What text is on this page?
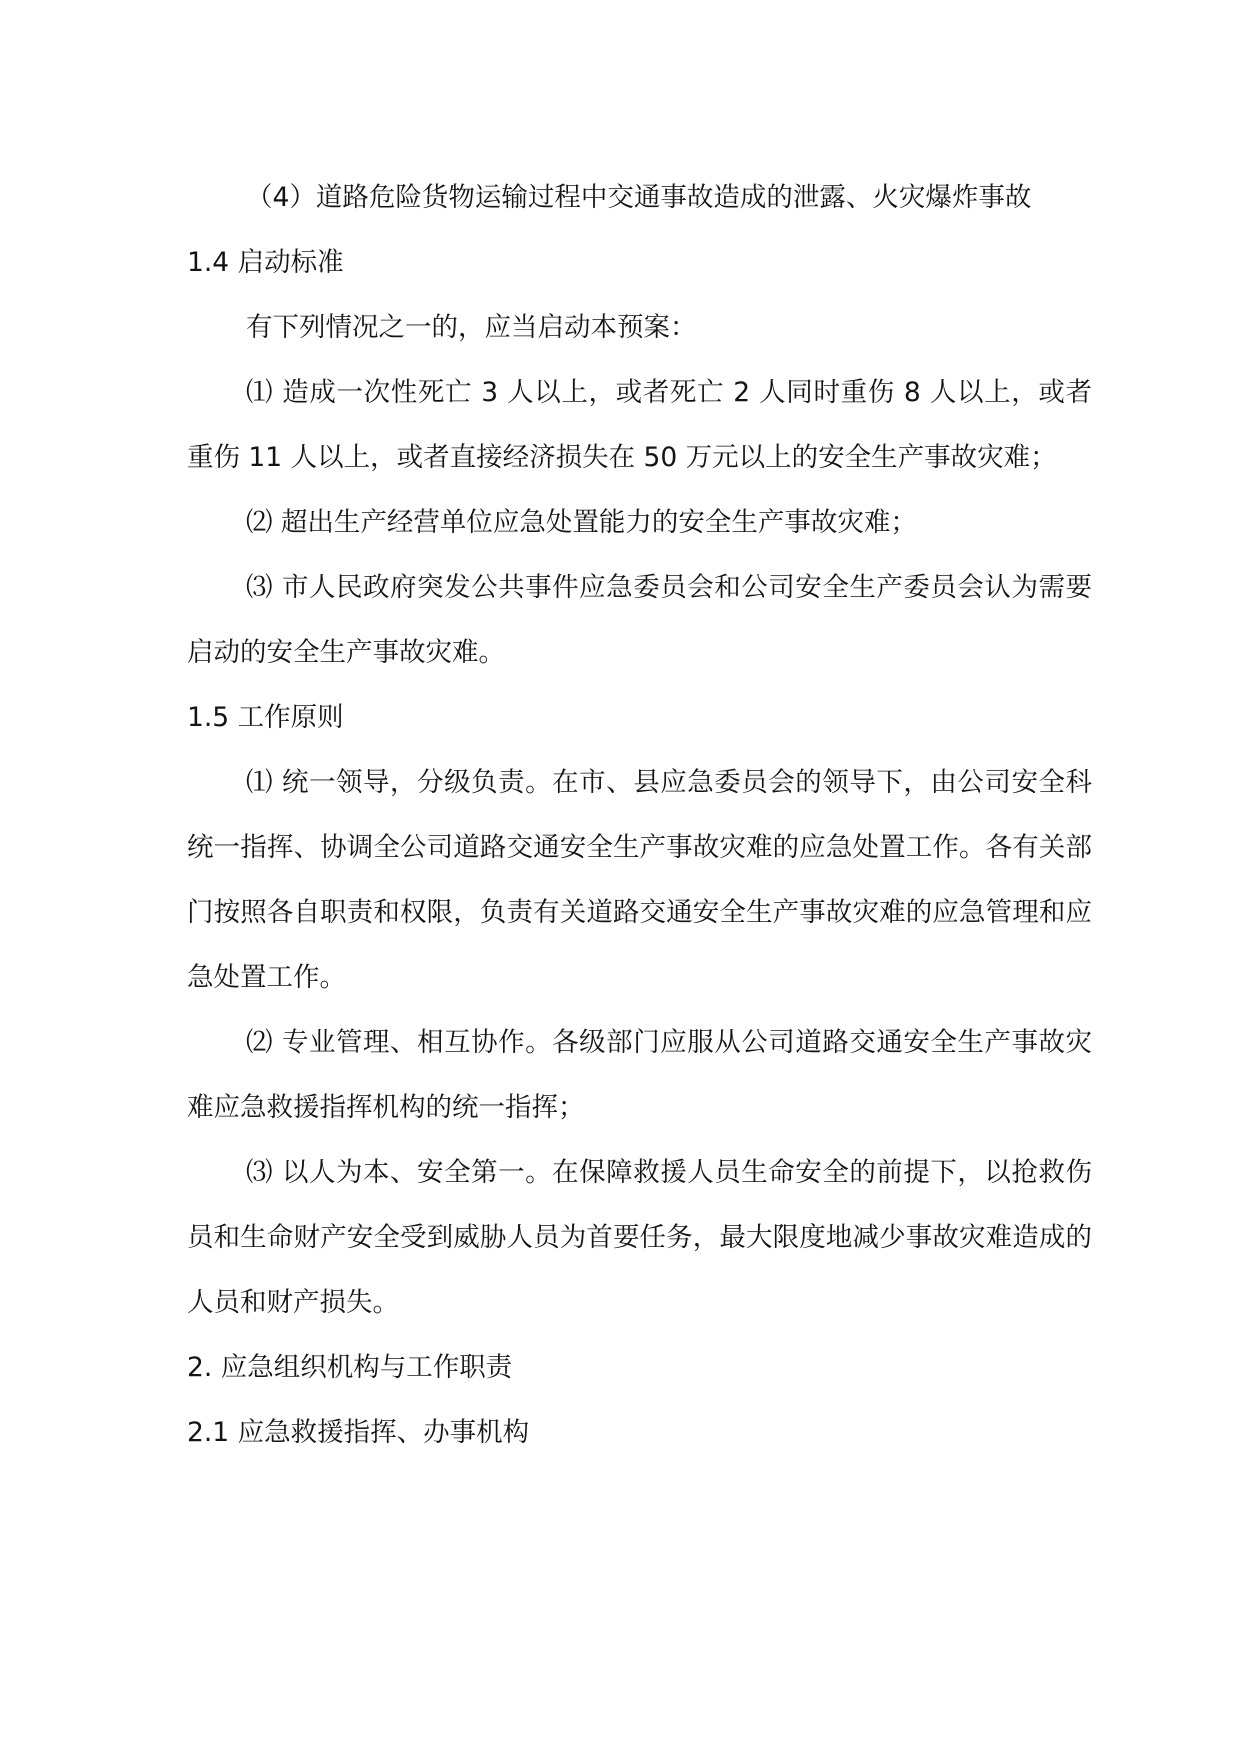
（4）道路危险货物运输过程中交通事故造成的泄露、火灾爆炸事故

1.4 启动标准

有下列情况之一的，应当启动本预案：

⑴ 造成一次性死亡 3 人以上，或者死亡 2 人同时重伤 8 人以上，或者重伤 11 人以上，或者直接经济损失在 50 万元以上的安全生产事故灾难；

⑵ 超出生产经营单位应急处置能力的安全生产事故灾难；

⑶ 市人民政府突发公共事件应急委员会和公司安全生产委员会认为需要启动的安全生产事故灾难。

1.5 工作原则

⑴ 统一领导，分级负责。在市、县应急委员会的领导下，由公司安全科统一指挥、协调全公司道路交通安全生产事故灾难的应急处置工作。各有关部门按照各自职责和权限，负责有关道路交通安全生产事故灾难的应急管理和应急处置工作。

⑵ 专业管理、相互协作。各级部门应服从公司道路交通安全生产事故灾难应急救援指挥机构的统一指挥；

⑶ 以人为本、安全第一。在保障救援人员生命安全的前提下，以抢救伤员和生命财产安全受到威胁人员为首要任务，最大限度地减少事故灾难造成的人员和财产损失。

2. 应急组织机构与工作职责
2.1 应急救援指挥、办事机构
